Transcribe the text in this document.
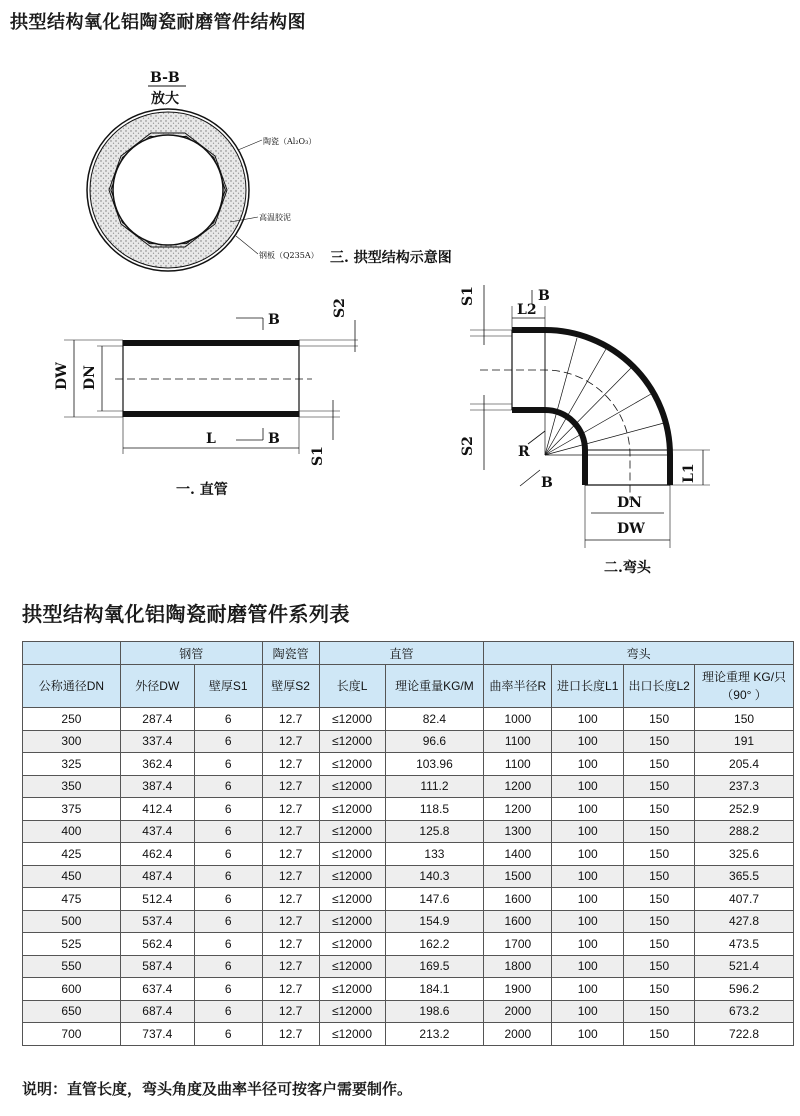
拱型结构氧化铝陶瓷耐磨管件结构图
B-B
放大
陶瓷（Al₂O₃）
高温胶泥
钢板（Q235A） 三. 拱型结构示意图
DW DN
L
B
B
S2
S1
一. 直管
S1
L2
B
S2	R
B	L1
DN
DW
二.弯头
拱型结构氧化铝陶瓷耐磨管件系列表
	钢管		陶瓷管	直管		弯头			
公称通径DN	外径DW	壁厚S1	壁厚S2	长度L	理论重量KG/M	曲率半径R	进口长度L1	出口长度L2	理论重理 KG/只（90° ）
250	287.4	6	12.7	≤12000	82.4	1000	100	150	150
300	337.4	6	12.7	≤12000	96.6	1100	100	150	191
325	362.4	6	12.7	≤12000	103.96	1100	100	150	205.4
350	387.4	6	12.7	≤12000	111.2	1200	100	150	237.3
375	412.4	6	12.7	≤12000	118.5	1200	100	150	252.9
400	437.4	6	12.7	≤12000	125.8	1300	100	150	288.2
425	462.4	6	12.7	≤12000	133	1400	100	150	325.6
450	487.4	6	12.7	≤12000	140.3	1500	100	150	365.5
475	512.4	6	12.7	≤12000	147.6	1600	100	150	407.7
500	537.4	6	12.7	≤12000	154.9	1600	100	150	427.8
525	562.4	6	12.7	≤12000	162.2	1700	100	150	473.5
550	587.4	6	12.7	≤12000	169.5	1800	100	150	521.4
600	637.4	6	12.7	≤12000	184.1	1900	100	150	596.2
650	687.4	6	12.7	≤12000	198.6	2000	100	150	673.2
700	737.4	6	12.7	≤12000	213.2	2000	100	150	722.8
说明：直管长度，弯头角度及曲率半径可按客户需要制作。
